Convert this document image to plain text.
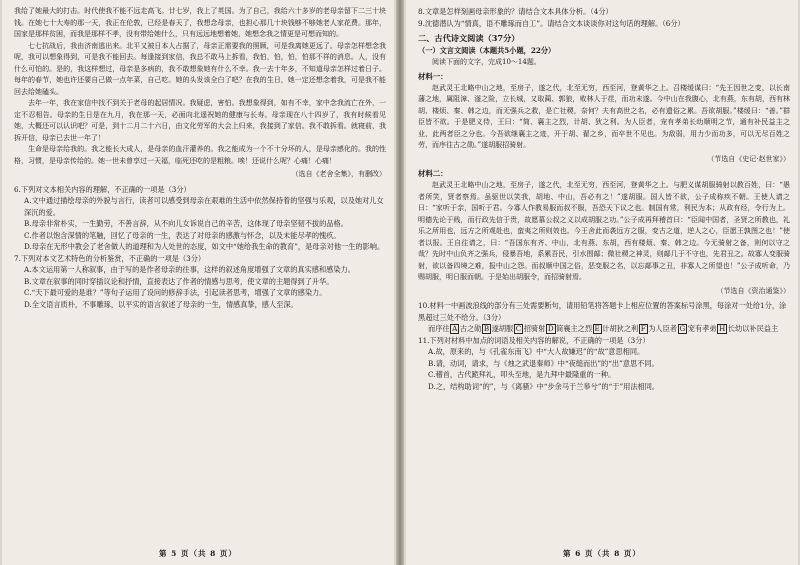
我给了她最大的打击。时代使我不能不远走高飞。廿七岁，我上了英国。为了自己，我给六十多岁的老母亲留下二三十块钱。在她七十大寿的那一天，我正在伦敦，已经是春天了，我想念母亲，也担心那几十块钱够不够她老人家花费。那年，国家是那样贫困，而我是那样不孝，没有带给她什么，只有远远地想着她，她想念我之情更是可想而知的。

七七抗战后，我由济南逃出来。北平又被日本人占据了，母亲正需要我的照顾，可是我离她更远了。母亲怎样想念我呢，我可以想象得到，可是我不能回去。每逢接到家信，我总不敢马上拆看，我怕，怕，怕，怕那不祥的消息。人，没有什么可怕的。是的，我这样想过，母亲是多病的，我不敢想象她有什么不幸。我一去十年多，不知道母亲怎样过着日子。每年的春节，她也许还要自己做一点年菜，自己吃。她的头发该全白了吧？在我的生日，她一定还想念着我，可是我不能回去给她磕头。

去年一年，我在家信中找不到关于老母的起居情况。我疑虑，害怕。我想象得到，如有不幸，家中念我流亡在外，一定不忍相告。母亲的生日是在九月，我在那一天，必面向北遥祝她的健康与长寿。母亲现在八十四岁了，我有时候看见她，大概还可以认识吧？可是，到十二月二十六日，由文化劳军的大会上归来，我接到了家信。我不敢拆看。就寝前，我拆开信，母亲已去世一年了！

生命是母亲给我的。我之能长大成人，是母亲的血汗灌养的。我之能成为一个不十分坏的人，是母亲感化的。我的性格，习惯，是母亲传给的。她一世未曾享过一天福，临死还吃的是粗粮。唉！还说什么呢？心痛！心痛！

（选自《老舍全集》，有删改）

6.下列对文本相关内容的理解，不正确的一项是（3分）

A.文中通过描绘母亲的外貌与言行，读者可以感受到母亲在艰难的生活中依然保持着的坚强与乐观，以及她对儿女深沉的爱。

B.母亲非常朴实，一生勤劳，不善言辞，从不向儿女诉说自己的辛苦，这体现了母亲坚韧不拔的品格。

C.作者以饱含深情的笔触，回忆了母亲的一生，表达了对母亲的感激与怀念，以及未能尽孝的愧疚。

D.母亲在无形中教会了老舍做人的道理和为人处世的态度，如文中“她给我生命的教育”，是母亲对他一生的影响。

7.下列对本文艺术特色的分析鉴赏，不正确的一项是（3分）

A.本文运用第一人称叙事，由于写的是作者母亲的往事，这样的叙述角度增强了文章的真实感和感染力。

B.文章在叙事的同时穿插议论和抒情，直接表达了作者的情感与思考，使文章的主题得到了升华。

C.“天下最可爱的是谁？”等句子运用了设问的修辞手法，引起读者思考，增强了文章的感染力。

D.全文语言质朴，不事雕琢，以平实的语言叙述了母亲的一生，情感真挚，感人至深。

第 5 页（共 8 页）

8.文章是怎样刻画母亲形象的？请结合文本具体分析。（4分）

9.沈德潜认为“情真，语不雕琢而自工”。请结合文本谈谈你对这句话的理解。（6分）

二、古代诗文阅读（37分）
（一）文言文阅读（本题共5小题，22分）

阅读下面的文字，完成10～14题。

材料一：

赵武灵王北略中山之地，至房子，遂之代，北至无穷，西至河，登黄华之上。召楼缓谋曰：“先王因世之变，以长南藩之地，属阻漳、滏之险，立长城，又取蔺、郭狼，败林人于荏，而功未遂。今中山在我腹心，北有燕，东有胡，西有林胡、楼烦、秦、韩之边，而无强兵之救，是亡社稷，奈何？夫有高世之名，必有遗俗之累。吾欲胡服。”楼缓曰：“善。”群臣皆不欲。于是肥义侍，王曰：“简、襄主之烈，计胡、狄之利。为人臣者，宠有孝弟长幼顺明之节，通有补民益主之业，此两者臣之分也。今吾欲继襄主之迹，开于胡、翟之乡，而卒世不见也。为敌弱，用力少而功多，可以无尽百姓之劳，而序往古之勋。”遂胡服招骑射。

（节选自《史记·赵世家》）
材料二：

赵武灵王北略中山之地，至房子，遂之代，北至无穷，西至河，登黄华之上。与肥义谋胡服骑射以教百姓，曰：“愚者所笑，贤者察焉。虽驱世以笑我，胡地、中山，吾必有之！”遂胡服。国人皆不欲，公子成称疾不朝。王使人请之曰：“家听于亲，国听于君。今寡人作教易服而叔不服，吾恐天下议之也。制国有常，利民为本；从政有经，令行为上。明德先论于贱，而行政先信于贵，故愿慕公叔之义以成胡服之功。”公子成再拜稽首曰：“臣闻中国者，圣贤之所教也，礼乐之所用也，远方之所观赴也，蛮夷之所则效也。今王舍此而袭远方之服，变古之道，逆人之心，臣愿王孰图之也！”使者以报。王自往请之，曰：“吾国东有齐、中山，北有燕、东胡，西有楼烦、秦、韩之边。今无骑射之备，则何以守之哉？先时中山负齐之强兵，侵暴吾地，系累吾民，引水围鄗；微社稷之神灵，则鄗几于不守也，先君丑之。故寡人变服骑射，欲以备四境之难，报中山之怨。而叔顺中国之俗，恶变服之名，以忘鄗事之丑，非寡人之所望也！”公子成听命，乃赐胡服，明日服而朝。于是始出胡服令，而招骑射焉。

（节选自《资治通鉴》）

10.材料一中画波浪线的部分有三处需要断句，请用铅笔将答题卡上相应位置的答案标号涂黑，每涂对一处给1分，涂黑超过三处不给分。（3分）

而序往 A 古之勋 B 遂胡服 C 招骑射 D 简襄主之烈 E 计胡狄之利 F 为人臣者 G 宠有孝弟 H 长幼以补民益主

11.下列对材料中加点的词语及相关内容的解说，不正确的一项是（3分）

A.故，原来的，与《孔雀东南飞》中“大人故嫌迟”的“故”意思相同。

B.请，动词，请求，与《烛之武退秦师》中“夜缒而出”的“出”意思不同。

C.稽首，古代跪拜礼，叩头至地，是九拜中最隆重的一种。

D.之，结构助词“的”，与《离骚》中“步余马于兰皋兮”的“于”用法相同。

第 6 页（共 8 页）
